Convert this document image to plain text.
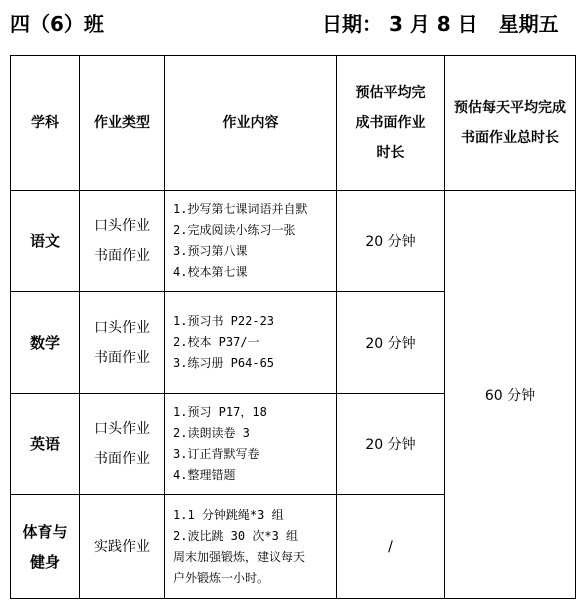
四（6）班	日期： 3 月 8 日   星期五
学科	作业类型	作业内容	预估平均完
成书面作业
时长	预估每天平均完成
书面作业总时长

语文	口头作业
书面作业	1.抄写第七课词语并自默
2.完成阅读小练习一张
3.预习第八课
4.校本第七课	20 分钟	60 分钟
数学	口头作业
书面作业	1.预习书 P22-23
2.校本 P37/一
3.练习册 P64-65	20 分钟	
英语	口头作业
书面作业	1.预习 P17，18
2.读朗读卷 3
3.订正背默写卷
4.整理错题	20 分钟	

体育与
健身	实践作业	1.1 分钟跳绳*3 组
2.波比跳 30 次*3 组
周末加强锻炼，建议每天
户外锻炼一小时。	/	
